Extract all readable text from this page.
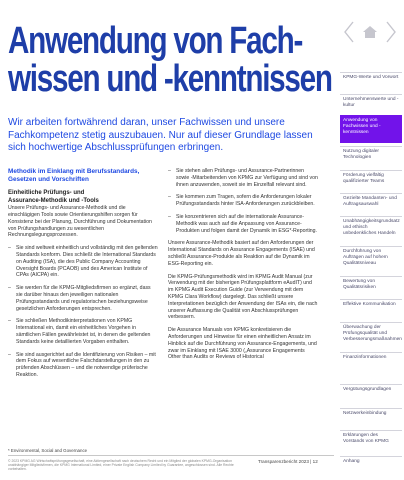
Anwendung von Fach-
wissen und -kenntnissen

Wir arbeiten fortwährend daran, unser Fachwissen und unsere Fachkompetenz stetig auszubauen. Nur auf dieser Grundlage lassen sich hochwertige Abschlussprüfungen erbringen.

Methodik im Einklang mit Berufsstandards, Gesetzen und Vorschriften
Einheitliche Prüfungs- und
Assurance-Methodik und -Tools

Unsere Prüfungs- und Assurance-Methodik und die einschlägigen Tools sowie Orientierungshilfen sorgen für Konsistenz bei der Planung, Durchführung und Dokumentation von Prüfungshandlungen zu wesentlichen Rechnungslegungsprozessen.

– Sie sind weltweit einheitlich und vollständig mit den geltenden Standards konform. Dies schließt die International Standards on Auditing (ISA), die des Public Company Accounting Oversight Boards (PCAOB) und des American Institute of CPAs (AICPA) ein.

– Sie werden für die KPMG-Mitgliedsfirmen so ergänzt, dass sie darüber hinaus den jeweiligen nationalen Prüfungsstandards und regulatorischen beziehungsweise gesetzlichen Anforderungen entsprechen.

– Sie schließen Methodikinterpretationen von KPMG International ein, damit ein einheitliches Vorgehen in sämtlichen Fällen gewährleistet ist, in denen die geltenden Standards keine detaillierten Vorgaben enthalten.

– Sie sind ausgerichtet auf die Identifizierung von Risiken – mit dem Fokus auf wesentliche Falschdarstellungen in den zu prüfenden Abschlüssen – und die notwendige prüferische Reaktion.

– Sie stehen allen Prüfungs- und Assurance-Partnerinnen sowie -Mitarbeitenden von KPMG zur Verfügung und sind von ihnen anzuwenden, soweit sie im Einzelfall relevant sind.

– Sie kommen zum Tragen, sofern die Anforderungen lokaler Prüfungsstandards hinter ISA-Anforderungen zurückbleiben.

– Sie konzentrieren sich auf die internationale Assurance-Methodik was auch auf die Anpassung von Assurance-Produkten und folgen damit der Dynamik im ESG*-Reporting.

Unsere Assurance-Methodik basiert auf den Anforderungen der International Standards on Assurance Engagements (ISAE) und schließt Assurance-Produkte als Reaktion auf die Dynamik im ESG-Reporting ein.

Die KPMG-Prüfungsmethodik wird im KPMG Audit Manual (zur Verwendung mit der bisherigen Prüfungsplattform eAudIT) und im KPMG Audit Execution Guide (zur Verwendung mit dem KPMG Clara Workflow) dargelegt. Das schließt unsere Interpretationen bezüglich der Anwendung der ISAs ein, die nach unserer Auffassung die Qualität von Abschlussprüfungen verbessern.

Die Assurance Manuals von KPMG konkretisieren die Anforderungen und Hinweise für einen einheitlichen Ansatz im Hinblick auf die Durchführung von Assurance-Engagements, und zwar im Einklang mit ISAE 3000 („Assurance Engagements Other than Audits or Reviews of Historical

* Environmental, Social and Governance
© 2023 KPMG AG Wirtschaftsprüfungsgesellschaft, eine Aktiengesellschaft nach deutschem Recht und ein Mitglied der globalen KPMG-Organisation unabhängiger Mitgliedsfirmen, die KPMG International Limited, einer Private English Company Limited by Guarantee, angeschlossen sind. Alle Rechte vorbehalten.
Transparenzbericht 2023 | 12
KPMG-Werte und Vorwort
Unternehmenswerte und -kultur
Anwendung von Fachwissen und -kenntnissen
Nutzung digitaler Technologien
Förderung vielfältig qualifizierter Teams
Gezielte Mandanten- und Auftragsauswahl
Unabhängigkeitsgrundsatz und ethisch unbedenkliches Handeln
Durchführung von Aufträgen auf hohem Qualitätsniveau
Bewertung von Qualitätsrisiken
Effektive Kommunikation
Überwachung der Prüfungsqualität und Verbesserungsmaßnahmen
Finanzinformationen
Vergütungsgrundlagen
Netzwerkeinbindung
Erklärungen des Vorstands von KPMG
Anhang
